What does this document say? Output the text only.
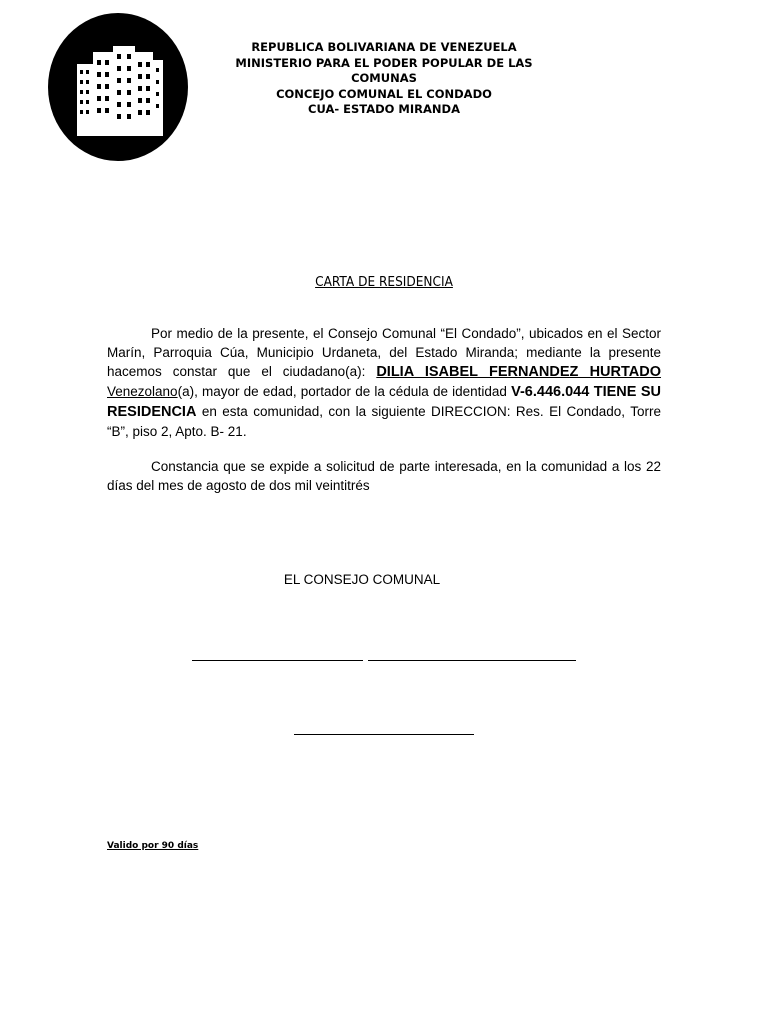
REPUBLICA BOLIVARIANA DE VENEZUELA
MINISTERIO PARA EL PODER POPULAR DE LAS
COMUNAS
CONCEJO COMUNAL EL CONDADO
CUA- ESTADO MIRANDA
CARTA DE RESIDENCIA
Por medio de la presente, el Consejo Comunal “El Condado”, ubicados en el Sector Marín, Parroquia Cúa, Municipio Urdaneta, del Estado Miranda; mediante la presente hacemos constar que el ciudadano(a): DILIA ISABEL FERNANDEZ HURTADO Venezolano(a), mayor de edad, portador de la cédula de identidad V-6.446.044 TIENE SU RESIDENCIA en esta comunidad, con la siguiente DIRECCION: Res. El Condado, Torre “B”, piso 2, Apto. B- 21.
Constancia que se expide a solicitud de parte interesada, en la comunidad a los 22 días del mes de agosto de dos mil veintitrés
EL CONSEJO COMUNAL
Valido por 90 días
